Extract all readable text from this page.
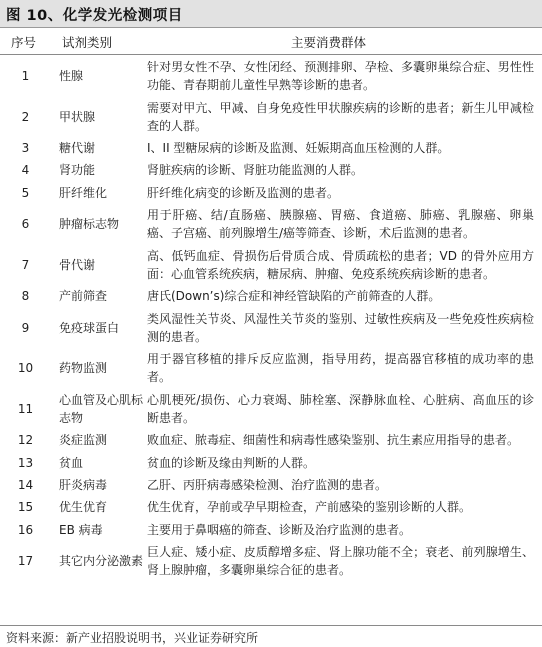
图 10、化学发光检测项目
序号 试剂类别	主要消费群体
1	性腺	针对男女性不孕、女性闭经、预测排卵、孕检、多囊卵巢综合症、男性性功能、青春期前儿童性早熟等诊断的患者。
2	甲状腺	需要对甲亢、甲减、自身免疫性甲状腺疾病的诊断的患者；新生儿甲减检查的人群。
3	糖代谢	I、II 型糖尿病的诊断及监测、妊娠期高血压检测的人群。
4	肾功能	肾脏疾病的诊断、肾脏功能监测的人群。
5	肝纤维化	肝纤维化病变的诊断及监测的患者。
6	肿瘤标志物	用于肝癌、结/直肠癌、胰腺癌、胃癌、食道癌、肺癌、乳腺癌、卵巢癌、子宫癌、前列腺增生/癌等筛查、诊断，术后监测的患者。
7	骨代谢	高、低钙血症、骨损伤后骨质合成、骨质疏松的患者；VD 的骨外应用方面：心血管系统疾病，糖尿病、肿瘤、免疫系统疾病诊断的患者。
8	产前筛查	唐氏(Down’s)综合症和神经管缺陷的产前筛查的人群。
9	免疫球蛋白	类风湿性关节炎、风湿性关节炎的鉴别、过敏性疾病及一些免疫性疾病检测的患者。
10	药物监测	用于器官移植的排斥反应监测，指导用药，提高器官移植的成功率的患者。
11	心血管及心肌标志物	心肌梗死/损伤、心力衰竭、肺栓塞、深静脉血栓、心脏病、高血压的诊断患者。
12	炎症监测	败血症、脓毒症、细菌性和病毒性感染鉴别、抗生素应用指导的患者。
13	贫血	贫血的诊断及缘由判断的人群。
14	肝炎病毒	乙肝、丙肝病毒感染检测、治疗监测的患者。
15	优生优育	优生优育，孕前或孕早期检查，产前感染的鉴别诊断的人群。
16	EB 病毒	主要用于鼻咽癌的筛查、诊断及治疗监测的患者。
17	其它内分泌激素	巨人症、矮小症、皮质醇增多症、肾上腺功能不全；衰老、前列腺增生、肾上腺肿瘤，多囊卵巢综合征的患者。
资料来源：新产业招股说明书，兴业证券研究所
